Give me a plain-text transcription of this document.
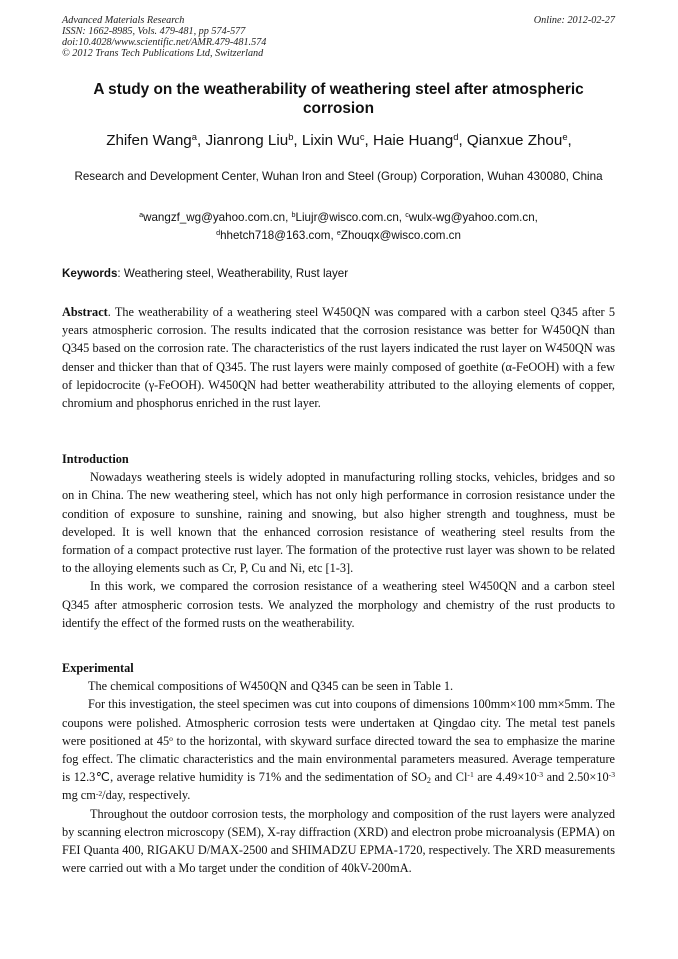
Advanced Materials Research
ISSN: 1662-8985, Vols. 479-481, pp 574-577
doi:10.4028/www.scientific.net/AMR.479-481.574
© 2012 Trans Tech Publications Ltd, Switzerland
Online: 2012-02-27
A study on the weatherability of weathering steel after atmospheric corrosion
Zhifen Wang$^a$, Jianrong Liu$^b$, Lixin Wu$^c$, Haie Huang$^d$, Qianxue Zhou$^e$,
Research and Development Center, Wuhan Iron and Steel (Group) Corporation, Wuhan 430080, China
$^a$wangzf_wg@yahoo.com.cn, $^b$Liujr@wisco.com.cn, $^c$wulx-wg@yahoo.com.cn,
$^d$hhetch718@163.com, $^e$Zhouqx@wisco.com.cn
Keywords: Weathering steel, Weatherability, Rust layer

Abstract. The weatherability of a weathering steel W450QN was compared with a carbon steel Q345 after 5 years atmospheric corrosion. The results indicated that the corrosion resistance was better for W450QN than Q345 based on the corrosion rate. The characteristics of the rust layers indicated the rust layer on W450QN was denser and thicker than that of Q345. The rust layers were mainly composed of goethite (α-FeOOH) with a few of lepidocrocite (γ-FeOOH). W450QN had better weatherability attributed to the alloying elements of copper, chromium and phosphorus enriched in the rust layer.

Introduction

Nowadays weathering steels is widely adopted in manufacturing rolling stocks, vehicles, bridges and so on in China. The new weathering steel, which has not only high performance in corrosion resistance under the condition of exposure to sunshine, raining and snowing, but also higher strength and toughness, must be developed. It is well known that the enhanced corrosion resistance of weathering steel results from the formation of a compact protective rust layer. The formation of the protective rust layer was shown to be related to the alloying elements such as Cr, P, Cu and Ni, etc [1-3].

In this work, we compared the corrosion resistance of a weathering steel W450QN and a carbon steel Q345 after atmospheric corrosion tests. We analyzed the morphology and chemistry of the rust products to identify the effect of the formed rusts on the weatherability.

Experimental

The chemical compositions of W450QN and Q345 can be seen in Table 1.

For this investigation, the steel specimen was cut into coupons of dimensions 100mm×100 mm×5mm. The coupons were polished. Atmospheric corrosion tests were undertaken at Qingdao city. The metal test panels were positioned at 45$^o$ to the horizontal, with skyward surface directed toward the sea to emphasize the marine fog effect. The climatic characteristics and the main environmental parameters measured. Average temperature is 12.3℃, average relative humidity is 71% and the sedimentation of $SO_2$ and $Cl^{-1}$ are $4.49\times 10^{-3}$ and $2.50\times 10^{-3}$ mg $cm^{-2}$/day, respectively.

Throughout the outdoor corrosion tests, the morphology and composition of the rust layers were analyzed by scanning electron microscopy (SEM), X-ray diffraction (XRD) and electron probe microanalysis (EPMA) on FEI Quanta 400, RIGAKU D/MAX-2500 and SHIMADZU EPMA-1720, respectively. The XRD measurements were carried out with a Mo target under the condition of 40kV-200mA.
